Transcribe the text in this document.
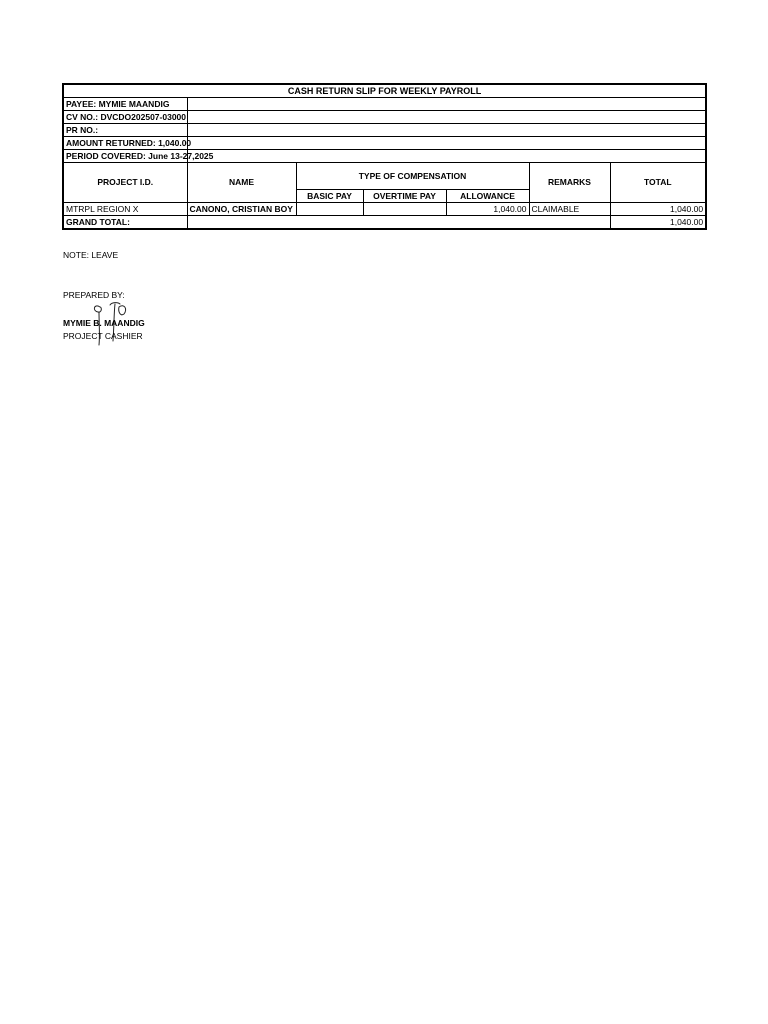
CASH RETURN SLIP FOR WEEKLY PAYROLL						
PAYEE: MYMIE MAANDIG						
CV NO.: DVCDO202507-03000						
PR NO.:						
AMOUNT RETURNED: 1,040.00						
PERIOD COVERED: June 13-27,2025						
PROJECT I.D.	NAME	TYPE OF COMPENSATION			REMARKS	TOTAL
		BASIC PAY	OVERTIME PAY	ALLOWANCE		
MTRPL REGION X	CANONO, CRISTIAN BOY			1,040.00	CLAIMABLE	1,040.00
GRAND TOTAL:						1,040.00
NOTE: LEAVE
PREPARED BY:
MYMIE B. MAANDIG
PROJECT CASHIER
